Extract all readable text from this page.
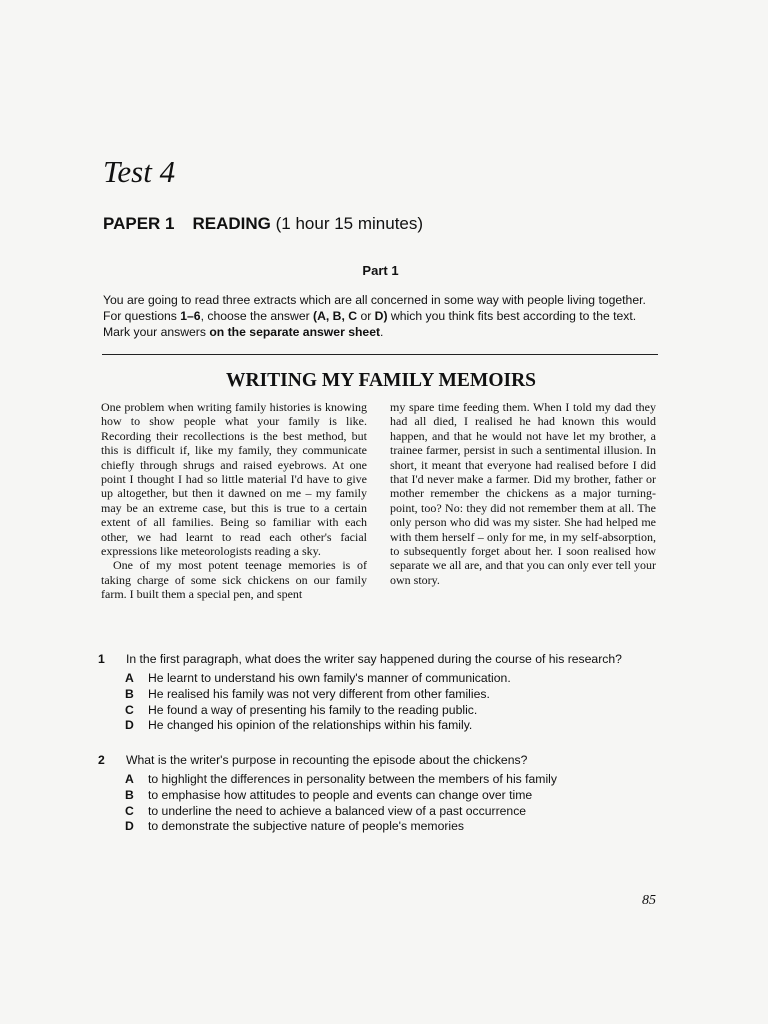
Test 4
PAPER 1 READING (1 hour 15 minutes)
Part 1

You are going to read three extracts which are all concerned in some way with people living together. For questions 1–6, choose the answer (A, B, C or D) which you think fits best according to the text. Mark your answers on the separate answer sheet.

WRITING MY FAMILY MEMOIRS

One problem when writing family histories is knowing how to show people what your family is like. Recording their recollections is the best method, but this is difficult if, like my family, they communicate chiefly through shrugs and raised eyebrows. At one point I thought I had so little material I'd have to give up altogether, but then it dawned on me – my family may be an extreme case, but this is true to a certain extent of all families. Being so familiar with each other, we had learnt to read each other's facial expressions like meteorologists reading a sky.

One of my most potent teenage memories is of taking charge of some sick chickens on our family farm. I built them a special pen, and spent

my spare time feeding them. When I told my dad they had all died, I realised he had known this would happen, and that he would not have let my brother, a trainee farmer, persist in such a sentimental illusion. In short, it meant that everyone had realised before I did that I'd never make a farmer. Did my brother, father or mother remember the chickens as a major turning-point, too? No: they did not remember them at all. The only person who did was my sister. She had helped me with them herself – only for me, in my self-absorption, to subsequently forget about her. I soon realised how separate we all are, and that you can only ever tell your own story.

1	In the first paragraph, what does the writer say happened during the course of his research?
A	He learnt to understand his own family's manner of communication.
B	He realised his family was not very different from other families.
C	He found a way of presenting his family to the reading public.
D	He changed his opinion of the relationships within his family.
2	What is the writer's purpose in recounting the episode about the chickens?
A	to highlight the differences in personality between the members of his family
B	to emphasise how attitudes to people and events can change over time
C	to underline the need to achieve a balanced view of a past occurrence
D	to demonstrate the subjective nature of people's memories
85
